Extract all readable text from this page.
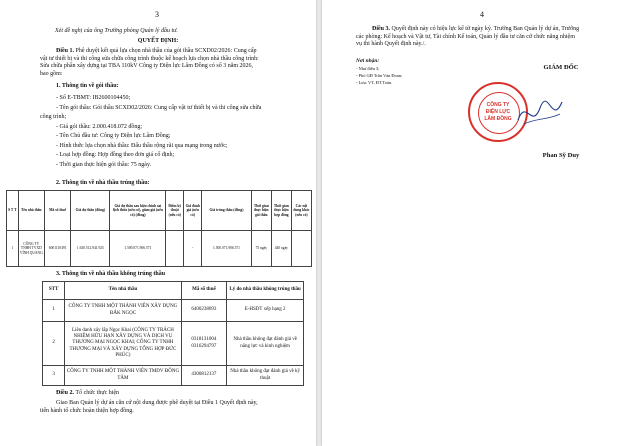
3
Xét đề nghị của ông Trưởng phòng Quản lý đầu tư.
QUYẾT ĐỊNH:
Điều 1. Phê duyệt kết quả lựa chọn nhà thầu của gói thầu SCXD02/2026: Cung cấp
vật tư thiết bị và thi công sửa chữa công trình thuộc kế hoạch lựa chọn nhà thầu công trình:
Sửa chữa phần xây dựng tại TBA 110kV Công ty Điện lực Lâm Đồng có số 3 năm 2026,
bao gồm:
1. Thông tin về gói thầu:
- Số E-TBMT: IB2600104450;
- Tên gói thầu: Gói thầu SCXD02/2026: Cung cấp vật tư thiết bị và thi công sửa chữa
công trình;
- Giá gói thầu: 2.000.418.072 đồng;
- Tên Chủ đầu tư: Công ty Điện lực Lâm Đồng;
- Hình thức lựa chọn nhà thầu: Đấu thầu rộng rãi qua mạng trong nước;
- Loại hợp đồng: Hợp đồng theo đơn giá cố định;
- Thời gian thực hiện gói thầu: 75 ngày.
2. Thông tin về nhà thầu trúng thầu:
S T T	Tên nhà thầu	Mã số thuế	Giá dự thầu (đồng)	Giá dự thầu sau hiệu chỉnh sai lệch thừa (nếu có), giảm giá (nếu có) (đồng)	Điểm kỹ thuật (nếu có)	Giá đánh giá (nếu có)	Giá trúng thầu (đồng)	Thời gian thực hiện gói thầu	Thời gian thực hiện hợp đồng	Các nội dung khác (nếu có)
1	CÔNG TY TNHH TVXD VĨNH QUANG	6001110491	1.630.512.941.925	1.500.071.906.571		-	1.500.071.906.571	75 ngày	440 ngày	
3. Thông tin về nhà thầu không trúng thầu
STT	Tên nhà thầu	Mã số thuế	Lý do nhà thầu không trúng thầu
1	CÔNG TY TNHH MỘT THÀNH VIÊN XÂY DỰNG ĐẮK NGỌC	6400238093	E-HSDT xếp hạng 2
2	Liên danh xây lắp Ngọc Khai (CÔNG TY TRÁCH NHIỆM HỮU HẠN XÂY DỰNG VÀ DỊCH VỤ THƯƠNG MẠI NGỌC KHAI; CÔNG TY TNHH THƯƠNG MẠI VÀ XÂY DỰNG TỔNG HỢP ĐỨC PHÚC)	0318131004 0316294797	Nhà thầu không đạt đánh giá về năng lực và kinh nghiệm
3	CÔNG TY TNHH MỘT THÀNH VIÊN TMDV ĐÔNG TÂM	4300812137	Nhà thầu không đạt đánh giá về kỹ thuật
Điều 2. Tổ chức thực hiện
Giao Ban Quản lý dự án căn cứ nội dung được phê duyệt tại Điều 1 Quyết định này,
tiến hành tổ chức hoàn thiện hợp đồng.
4
Điều 3. Quyết định này có hiệu lực kể từ ngày ký. Trưởng Ban Quản lý dự án, Trưởng
các phòng: Kế hoạch và Vật tư, Tài chính Kế toán, Quản lý đầu tư căn cứ chức năng nhiệm
vụ thi hành Quyết định này./.
Nơi nhận:
- Như điều 3;
- Phó GĐ Trần Văn Đoan;
- Lưu: VT, ĐT.Toàn.
GIÁM ĐỐC
Phan Sỹ Duy
CÔNG TY
ĐIỆN LỰC
LÂM ĐỒNG
